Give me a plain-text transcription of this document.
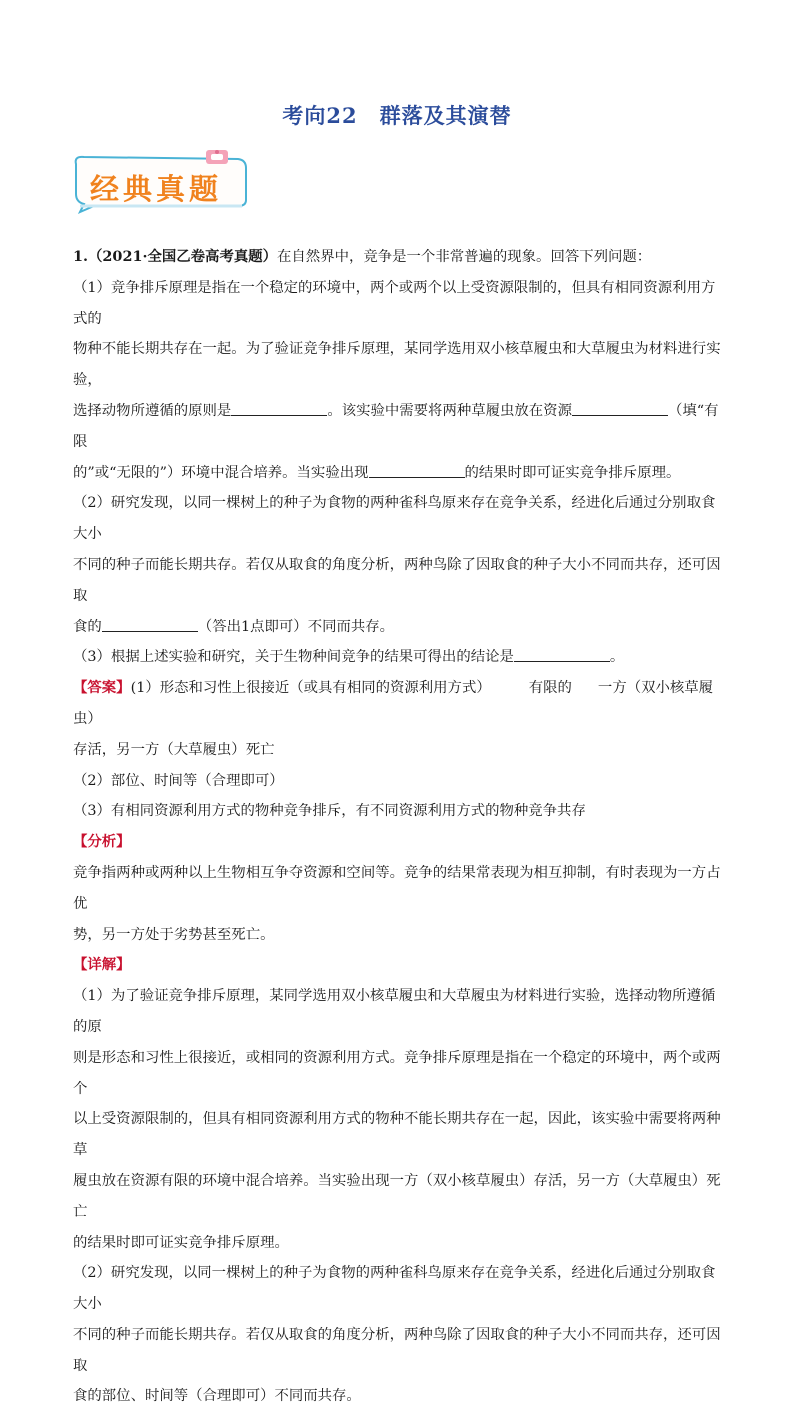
考向22　群落及其演替
经典真题

1.（2021·全国乙卷高考真题）在自然界中，竞争是一个非常普遍的现象。回答下列问题：

（1）竞争排斥原理是指在一个稳定的环境中，两个或两个以上受资源限制的，但具有相同资源利用方式的

物种不能长期共存在一起。为了验证竞争排斥原理，某同学选用双小核草履虫和大草履虫为材料进行实验，

选择动物所遵循的原则是	。该实验中需要将两种草履虫放在资源	（填“有限

的”或“无限的”）环境中混合培养。当实验出现	的结果时即可证实竞争排斥原理。

（2）研究发现，以同一棵树上的种子为食物的两种雀科鸟原来存在竞争关系，经进化后通过分别取食大小

不同的种子而能长期共存。若仅从取食的角度分析，两种鸟除了因取食的种子大小不同而共存，还可因取

食的	（答出1点即可）不同而共存。

（3）根据上述实验和研究，关于生物种间竞争的结果可得出的结论是	。

【答案】(1）形态和习性上很接近（或具有相同的资源利用方式）	有限的 一方（双小核草履虫）

存活，另一方（大草履虫）死亡

（2）部位、时间等（合理即可）

（3）有相同资源利用方式的物种竞争排斥，有不同资源利用方式的物种竞争共存

【分析】

竞争指两种或两种以上生物相互争夺资源和空间等。竞争的结果常表现为相互抑制，有时表现为一方占优

势，另一方处于劣势甚至死亡。

【详解】

（1）为了验证竞争排斥原理，某同学选用双小核草履虫和大草履虫为材料进行实验，选择动物所遵循的原

则是形态和习性上很接近，或相同的资源利用方式。竞争排斥原理是指在一个稳定的环境中，两个或两个

以上受资源限制的，但具有相同资源利用方式的物种不能长期共存在一起，因此，该实验中需要将两种草

履虫放在资源有限的环境中混合培养。当实验出现一方（双小核草履虫）存活，另一方（大草履虫）死亡

的结果时即可证实竞争排斥原理。

（2）研究发现，以同一棵树上的种子为食物的两种雀科鸟原来存在竞争关系，经进化后通过分别取食大小

不同的种子而能长期共存。若仅从取食的角度分析，两种鸟除了因取食的种子大小不同而共存，还可因取

食的部位、时间等（合理即可）不同而共存。
